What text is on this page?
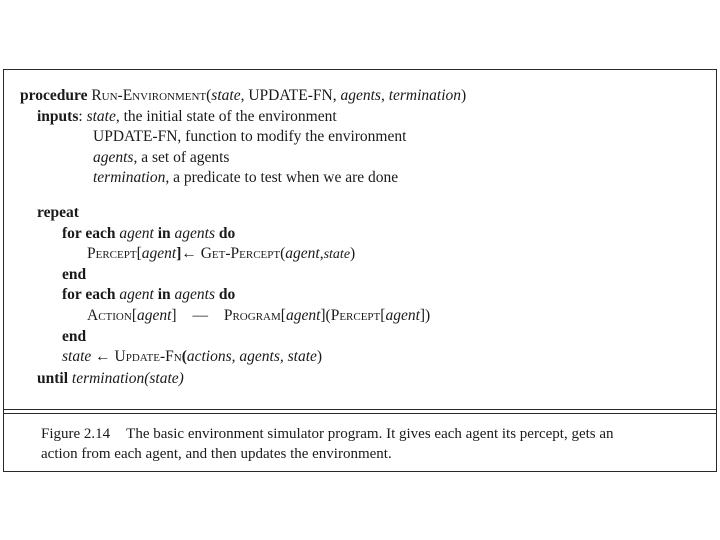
procedure Run-Environment(state, UPDATE-FN, agents, termination)
inputs: state, the initial state of the environment
UPDATE-FN, function to modify the environment
agents, a set of agents
termination, a predicate to test when we are done
repeat
for each agent in agents do
Percept[agent]← Get-Percept(agent,state)
end
for each agent in agents do
Action[agent] — Program[agent](Percept[agent])
end
state ← Update-Fn(actions, agents, state)
until termination(state)
Figure 2.14 The basic environment simulator program. It gives each agent its percept, gets an
action from each agent, and then updates the environment.
